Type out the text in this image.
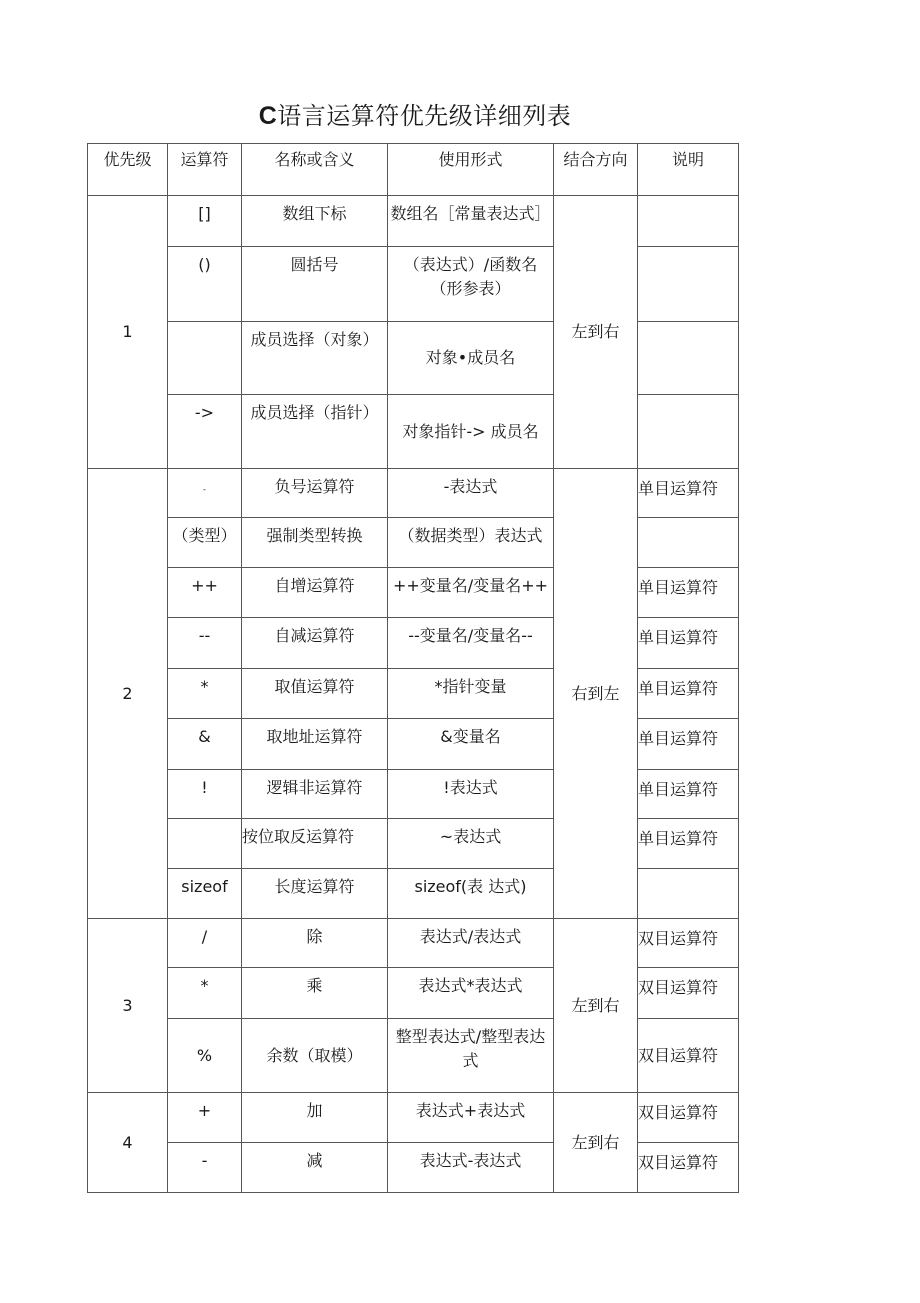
C语言运算符优先级详细列表
优先级	运算符	名称或含义	使用形式	结合方向	说明
1	[]	数组下标	数组名［常量表达式］	左到右	
	()	圆括号	（表达式）/函数名（形参表）		
		成员选择（对象）	对象•成员名		
	->	成员选择（指针）	对象指针-> 成员名		
2	-	负号运算符	-表达式	右到左	单目运算符
	（类型）	强制类型转换	（数据类型）表达式		
	++	自增运算符	++变量名/变量名++		单目运算符
	--	自减运算符	--变量名/变量名--		单目运算符
	*	取值运算符	*指针变量		单目运算符
	&	取地址运算符	&变量名		单目运算符
	!	逻辑非运算符	!表达式		单目运算符
		按位取反运算符	~表达式		单目运算符
	sizeof	长度运算符	sizeof(表 达式)		
3	/	除	表达式/表达式	左到右	双目运算符
	*	乘	表达式*表达式		双目运算符
	%	余数（取模）	整型表达式/整型表达式		双目运算符
4	+	加	表达式+表达式	左到右	双目运算符
	-	减	表达式-表达式		双目运算符
